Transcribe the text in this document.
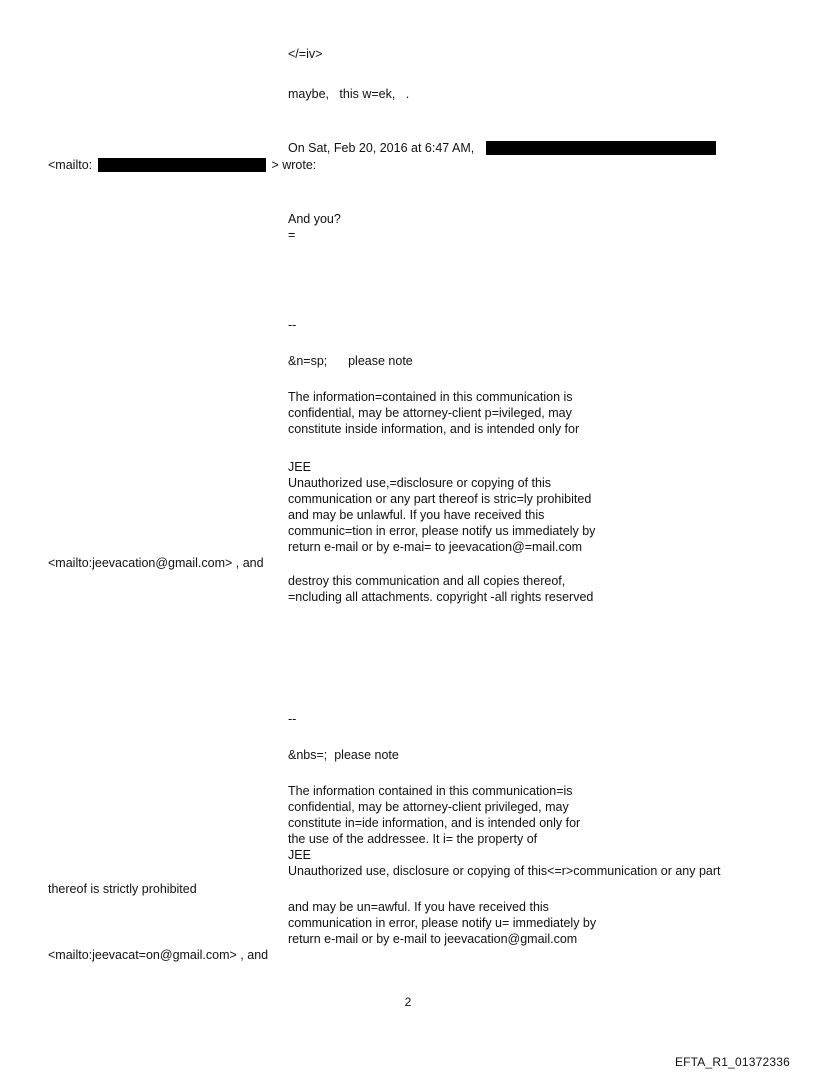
</=iv>
maybe,   this w=ek,   .
On Sat, Feb 20, 2016 at 6:47 AM,
<mailto:	> wrote:
And you?
=
--
&n=sp;      please note
The information=contained in this communication is
confidential, may be attorney-client p=ivileged, may
constitute inside information, and is intended only for
JEE
Unauthorized use,=disclosure or copying of this
communication or any part thereof is stric=ly prohibited
and may be unlawful. If you have received this
communic=tion in error, please notify us immediately by
return e-mail or by e-mai= to jeevacation@=mail.com
<mailto:jeevacation@gmail.com> , and
destroy this communication and all copies thereof,
=ncluding all attachments. copyright -all rights reserved
--
&nbs=;  please note
The information contained in this communication=is
confidential, may be attorney-client privileged, may
constitute in=ide information, and is intended only for
the use of the addressee. It i= the property of
JEE
Unauthorized use, disclosure or copying of this<=r>communication or any part
thereof is strictly prohibited
and may be un=awful. If you have received this
communication in error, please notify u= immediately by
return e-mail or by e-mail to jeevacation@gmail.com
<mailto:jeevacat=on@gmail.com> , and
2
EFTA_R1_01372336
